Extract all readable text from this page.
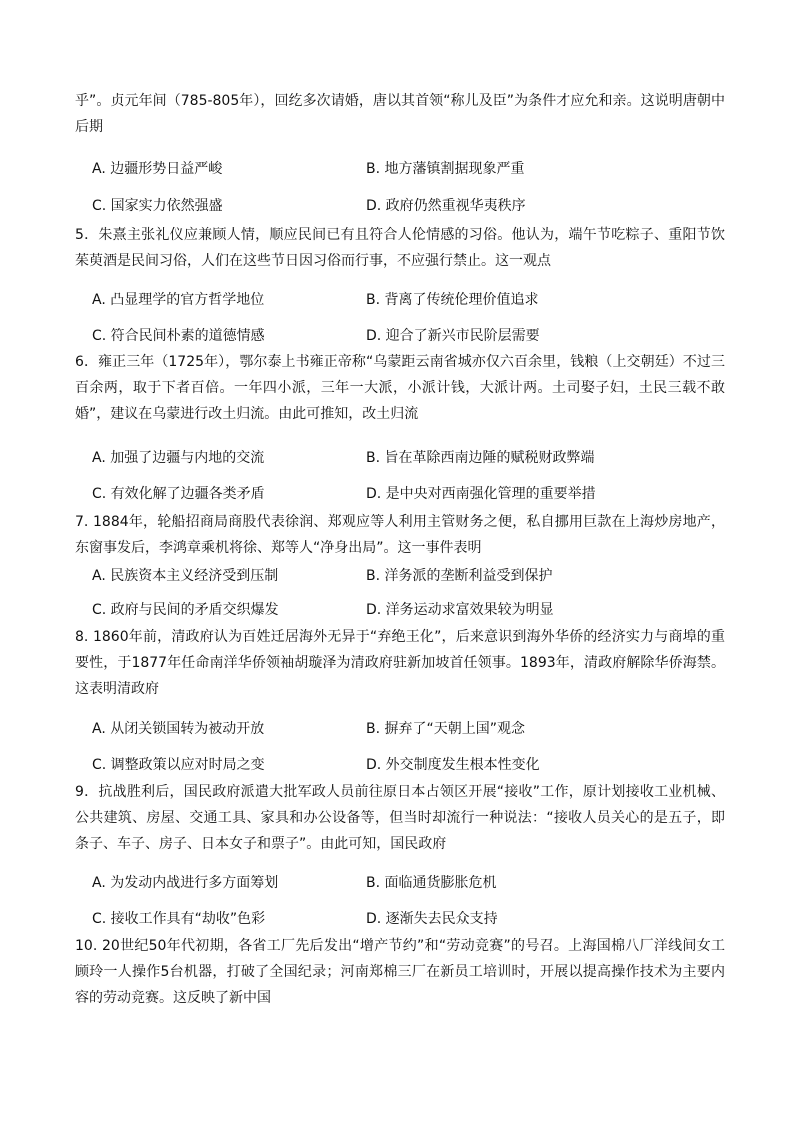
乎”。贞元年间（785-805年），回纥多次请婚，唐以其首领“称儿及臣”为条件才应允和亲。这说明唐朝中后期

A. 边疆形势日益严峻	B. 地方藩镇割据现象严重
C. 国家实力依然强盛	D. 政府仍然重视华夷秩序

5．朱熹主张礼仪应兼顾人情，顺应民间已有且符合人伦情感的习俗。他认为，端午节吃粽子、重阳节饮茱萸酒是民间习俗，人们在这些节日因习俗而行事，不应强行禁止。这一观点

A. 凸显理学的官方哲学地位	B. 背离了传统伦理价值追求
C. 符合民间朴素的道德情感	D. 迎合了新兴市民阶层需要

6．雍正三年（1725年），鄂尔泰上书雍正帝称“乌蒙距云南省城亦仅六百余里，钱粮（上交朝廷）不过三百余两，取于下者百倍。一年四小派，三年一大派，小派计钱，大派计两。土司娶子妇，土民三载不敢婚”，建议在乌蒙进行改土归流。由此可推知，改土归流

A. 加强了边疆与内地的交流	B. 旨在革除西南边陲的赋税财政弊端
C. 有效化解了边疆各类矛盾	D. 是中央对西南强化管理的重要举措

7. 1884年，轮船招商局商股代表徐润、郑观应等人利用主管财务之便，私自挪用巨款在上海炒房地产，东窗事发后，李鸿章乘机将徐、郑等人“净身出局”。这一事件表明

A. 民族资本主义经济受到压制	B. 洋务派的垄断利益受到保护
C. 政府与民间的矛盾交织爆发	D. 洋务运动求富效果较为明显

8. 1860年前，清政府认为百姓迁居海外无异于“弃绝王化”，后来意识到海外华侨的经济实力与商埠的重要性，于1877年任命南洋华侨领袖胡璇泽为清政府驻新加坡首任领事。1893年，清政府解除华侨海禁。这表明清政府

A. 从闭关锁国转为被动开放	B. 摒弃了“天朝上国”观念
C. 调整政策以应对时局之变	D. 外交制度发生根本性变化

9．抗战胜利后，国民政府派遣大批军政人员前往原日本占领区开展“接收”工作，原计划接收工业机械、公共建筑、房屋、交通工具、家具和办公设备等，但当时却流行一种说法：“接收人员关心的是五子，即条子、车子、房子、日本女子和票子”。由此可知，国民政府

A. 为发动内战进行多方面筹划	B. 面临通货膨胀危机
C. 接收工作具有“劫收”色彩	D. 逐渐失去民众支持

10. 20世纪50年代初期，各省工厂先后发出“增产节约”和“劳动竞赛”的号召。上海国棉八厂洋线间女工顾玲一人操作5台机器，打破了全国纪录；河南郑棉三厂在新员工培训时，开展以提高操作技术为主要内容的劳动竞赛。这反映了新中国
